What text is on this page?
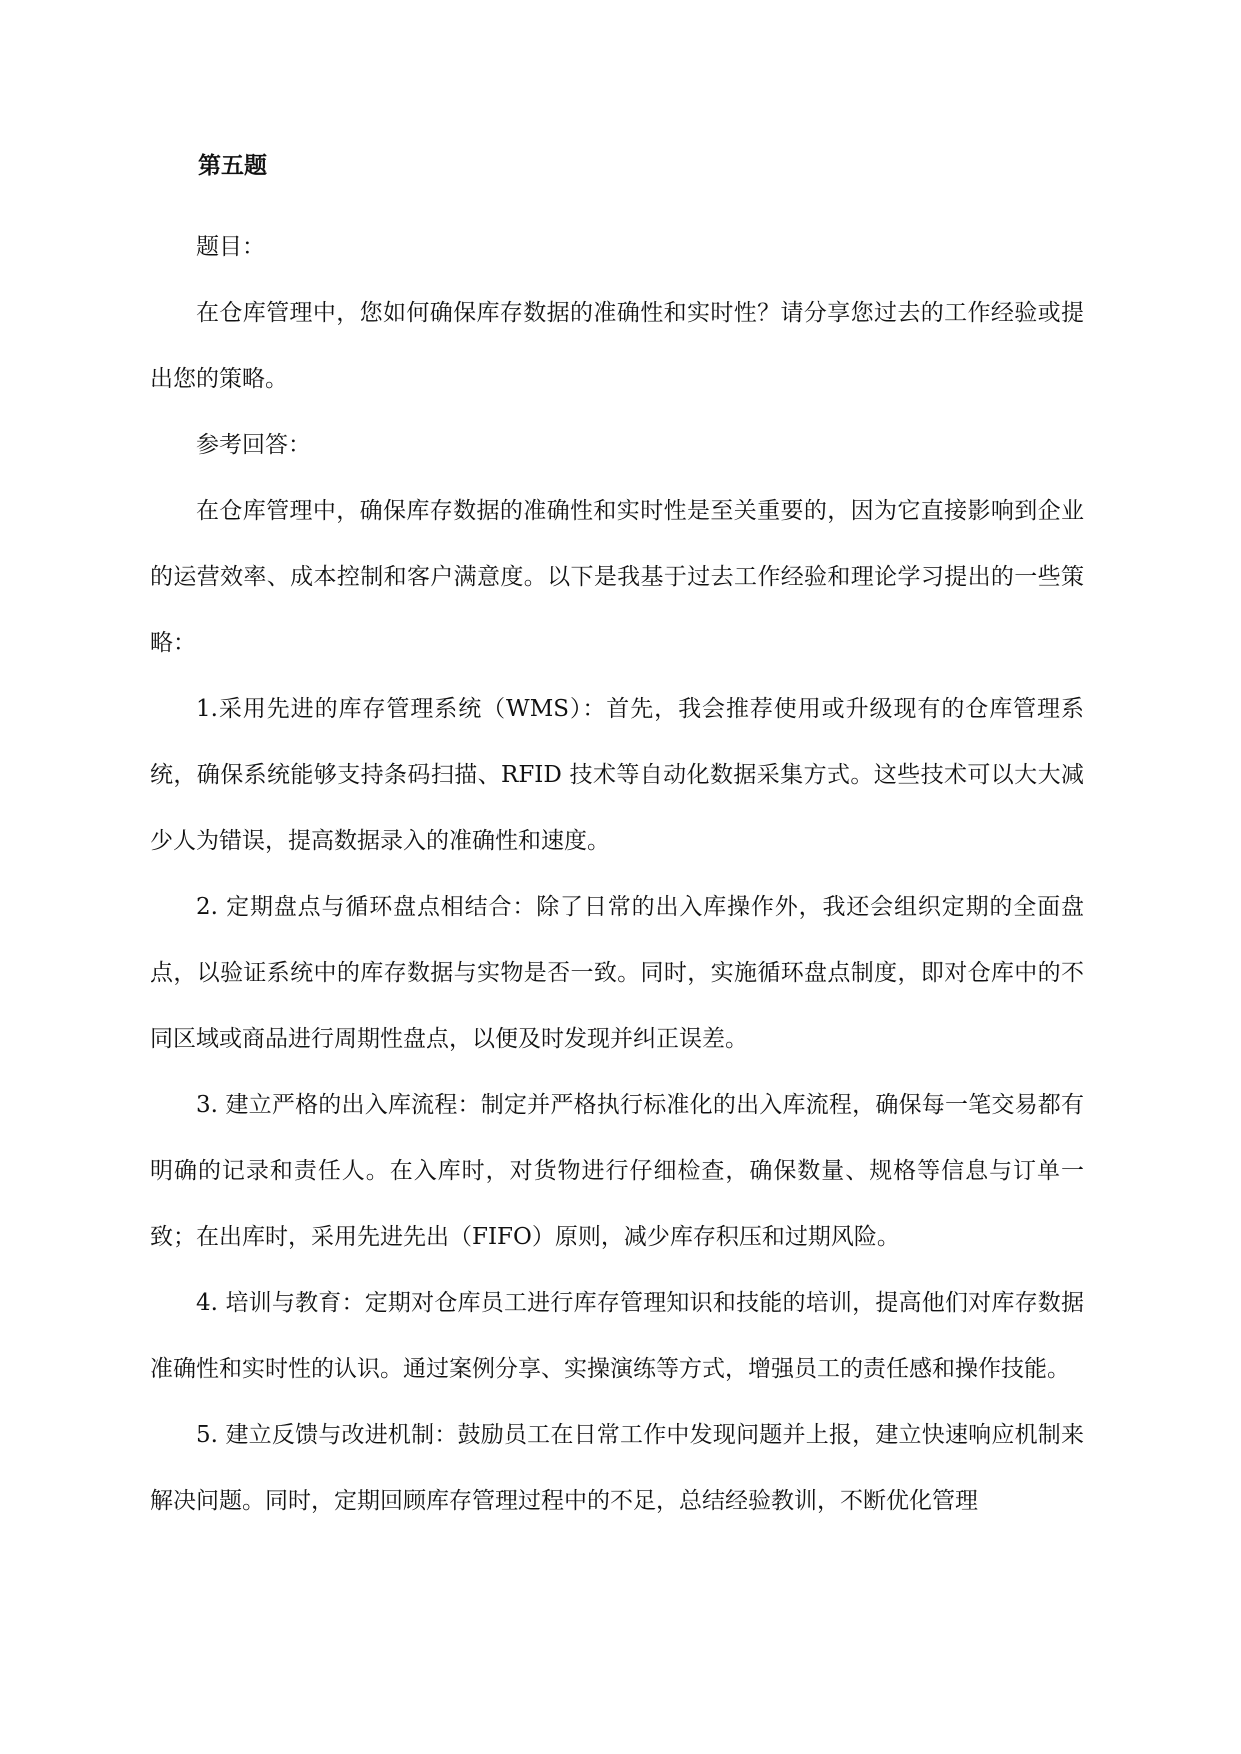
第五题

题目：

在仓库管理中，您如何确保库存数据的准确性和实时性？请分享您过去的工作经验或提出您的策略。

参考回答：

在仓库管理中，确保库存数据的准确性和实时性是至关重要的，因为它直接影响到企业的运营效率、成本控制和客户满意度。以下是我基于过去工作经验和理论学习提出的一些策略：

1.采用先进的库存管理系统（WMS）：首先，我会推荐使用或升级现有的仓库管理系统，确保系统能够支持条码扫描、RFID 技术等自动化数据采集方式。这些技术可以大大减少人为错误，提高数据录入的准确性和速度。

2. 定期盘点与循环盘点相结合：除了日常的出入库操作外，我还会组织定期的全面盘点，以验证系统中的库存数据与实物是否一致。同时，实施循环盘点制度，即对仓库中的不同区域或商品进行周期性盘点，以便及时发现并纠正误差。

3. 建立严格的出入库流程：制定并严格执行标准化的出入库流程，确保每一笔交易都有明确的记录和责任人。在入库时，对货物进行仔细检查，确保数量、规格等信息与订单一致；在出库时，采用先进先出（FIFO）原则，减少库存积压和过期风险。

4. 培训与教育：定期对仓库员工进行库存管理知识和技能的培训，提高他们对库存数据准确性和实时性的认识。通过案例分享、实操演练等方式，增强员工的责任感和操作技能。

5. 建立反馈与改进机制：鼓励员工在日常工作中发现问题并上报，建立快速响应机制来解决问题。同时，定期回顾库存管理过程中的不足，总结经验教训，不断优化管理
